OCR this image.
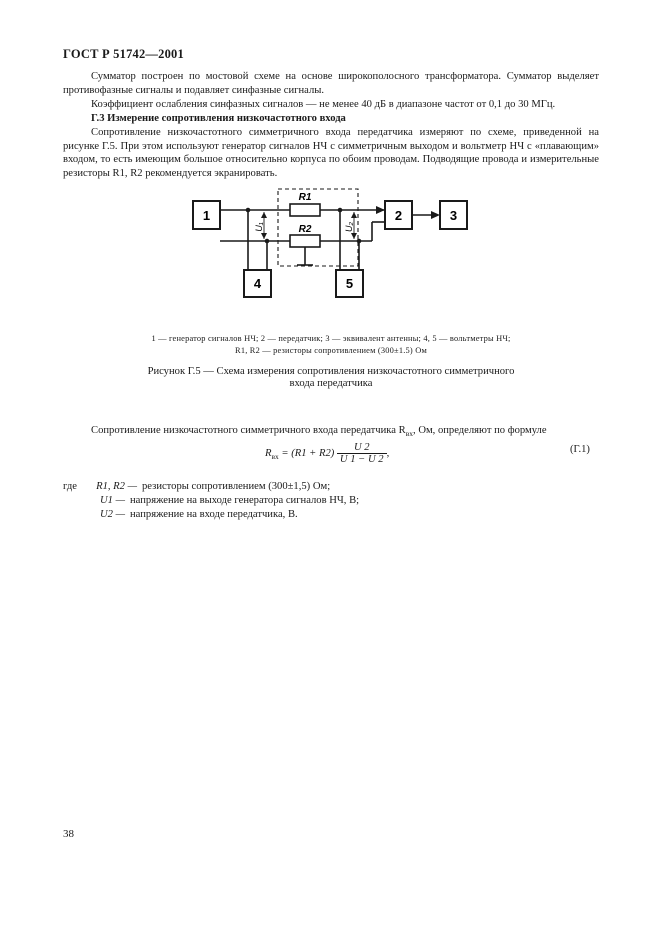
ГОСТ Р 51742—2001
Сумматор построен по мостовой схеме на основе широкополосного трансформатора. Сумматор выделяет противофазные сигналы и подавляет синфазные сигналы.
Коэффициент ослабления синфазных сигналов — не менее 40 дБ в диапазоне частот от 0,1 до 30 МГц.
Г.3 Измерение сопротивления низкочастотного входа
Сопротивление низкочастотного симметричного входа передатчика измеряют по схеме, приведенной на рисунке Г.5. При этом используют генератор сигналов НЧ с симметричным выходом и вольтметр НЧ с «плавающим» входом, то есть имеющим большое относительно корпуса по обоим проводам. Подводящие провода и измерительные резисторы R1, R2 рекомендуется экранировать.
R1
R2
U₁	U₂
1	2	3
4	5
1 — генератор сигналов НЧ; 2 — передатчик; 3 — эквивалент антенны; 4, 5 — вольтметры НЧ;
R1, R2 — резисторы сопротивлением (300±1.5) Ом
Рисунок Г.5 — Схема измерения сопротивления низкочастотного симметричного
входа передатчика
Сопротивление низкочастотного симметричного входа передатчика $R_{вх}$, Ом, определяют по формуле
$R_{вх} = (R1 + R2) \frac{U 2}{U 1 - U 2}$ ,	(Г.1)
где	R1, R2 — резисторы сопротивлением (300±1,5) Ом;
U1 — напряжение на выходе генератора сигналов НЧ, В;
U2 — напряжение на входе передатчика, В.
38
